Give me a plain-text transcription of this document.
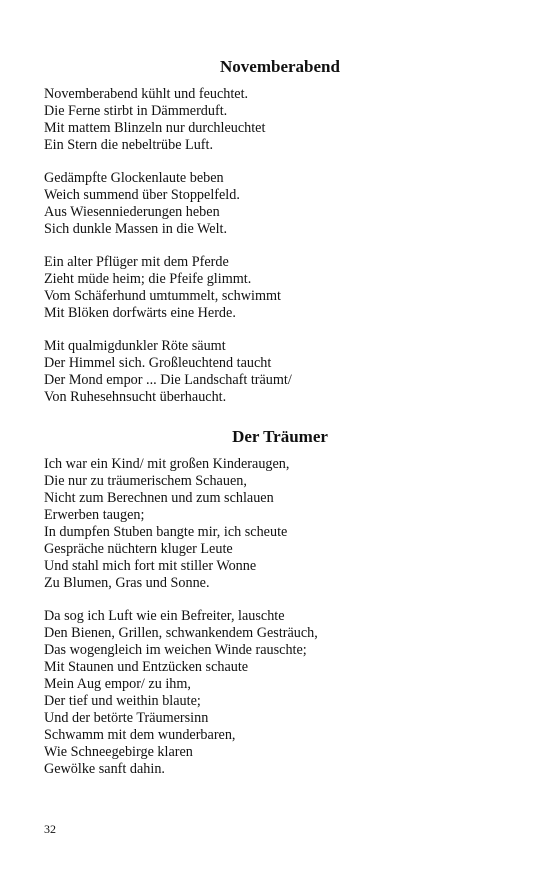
Novemberabend
Novemberabend kühlt und feuchtet.
Die Ferne stirbt in Dämmerduft.
Mit mattem Blinzeln nur durchleuchtet
Ein Stern die nebeltrübe Luft.
Gedämpfte Glockenlaute beben
Weich summend über Stoppelfeld.
Aus Wiesenniederungen heben
Sich dunkle Massen in die Welt.
Ein alter Pflüger mit dem Pferde
Zieht müde heim; die Pfeife glimmt.
Vom Schäferhund umtummelt, schwimmt
Mit Blöken dorfwärts eine Herde.
Mit qualmigdunkler Röte säumt
Der Himmel sich. Großleuchtend taucht
Der Mond empor ... Die Landschaft träumt/
Von Ruhesehnsucht überhaucht.
Der Träumer
Ich war ein Kind/ mit großen Kinderaugen,
Die nur zu träumerischem Schauen,
Nicht zum Berechnen und zum schlauen
Erwerben taugen;
In dumpfen Stuben bangte mir, ich scheute
Gespräche nüchtern kluger Leute
Und stahl mich fort mit stiller Wonne
Zu Blumen, Gras und Sonne.
Da sog ich Luft wie ein Befreiter, lauschte
Den Bienen, Grillen, schwankendem Gesträuch,
Das wogengleich im weichen Winde rauschte;
Mit Staunen und Entzücken schaute
Mein Aug empor/ zu ihm,
Der tief und weithin blaute;
Und der betörte Träumersinn
Schwamm mit dem wunderbaren,
Wie Schneegebirge klaren
Gewölke sanft dahin.
32
